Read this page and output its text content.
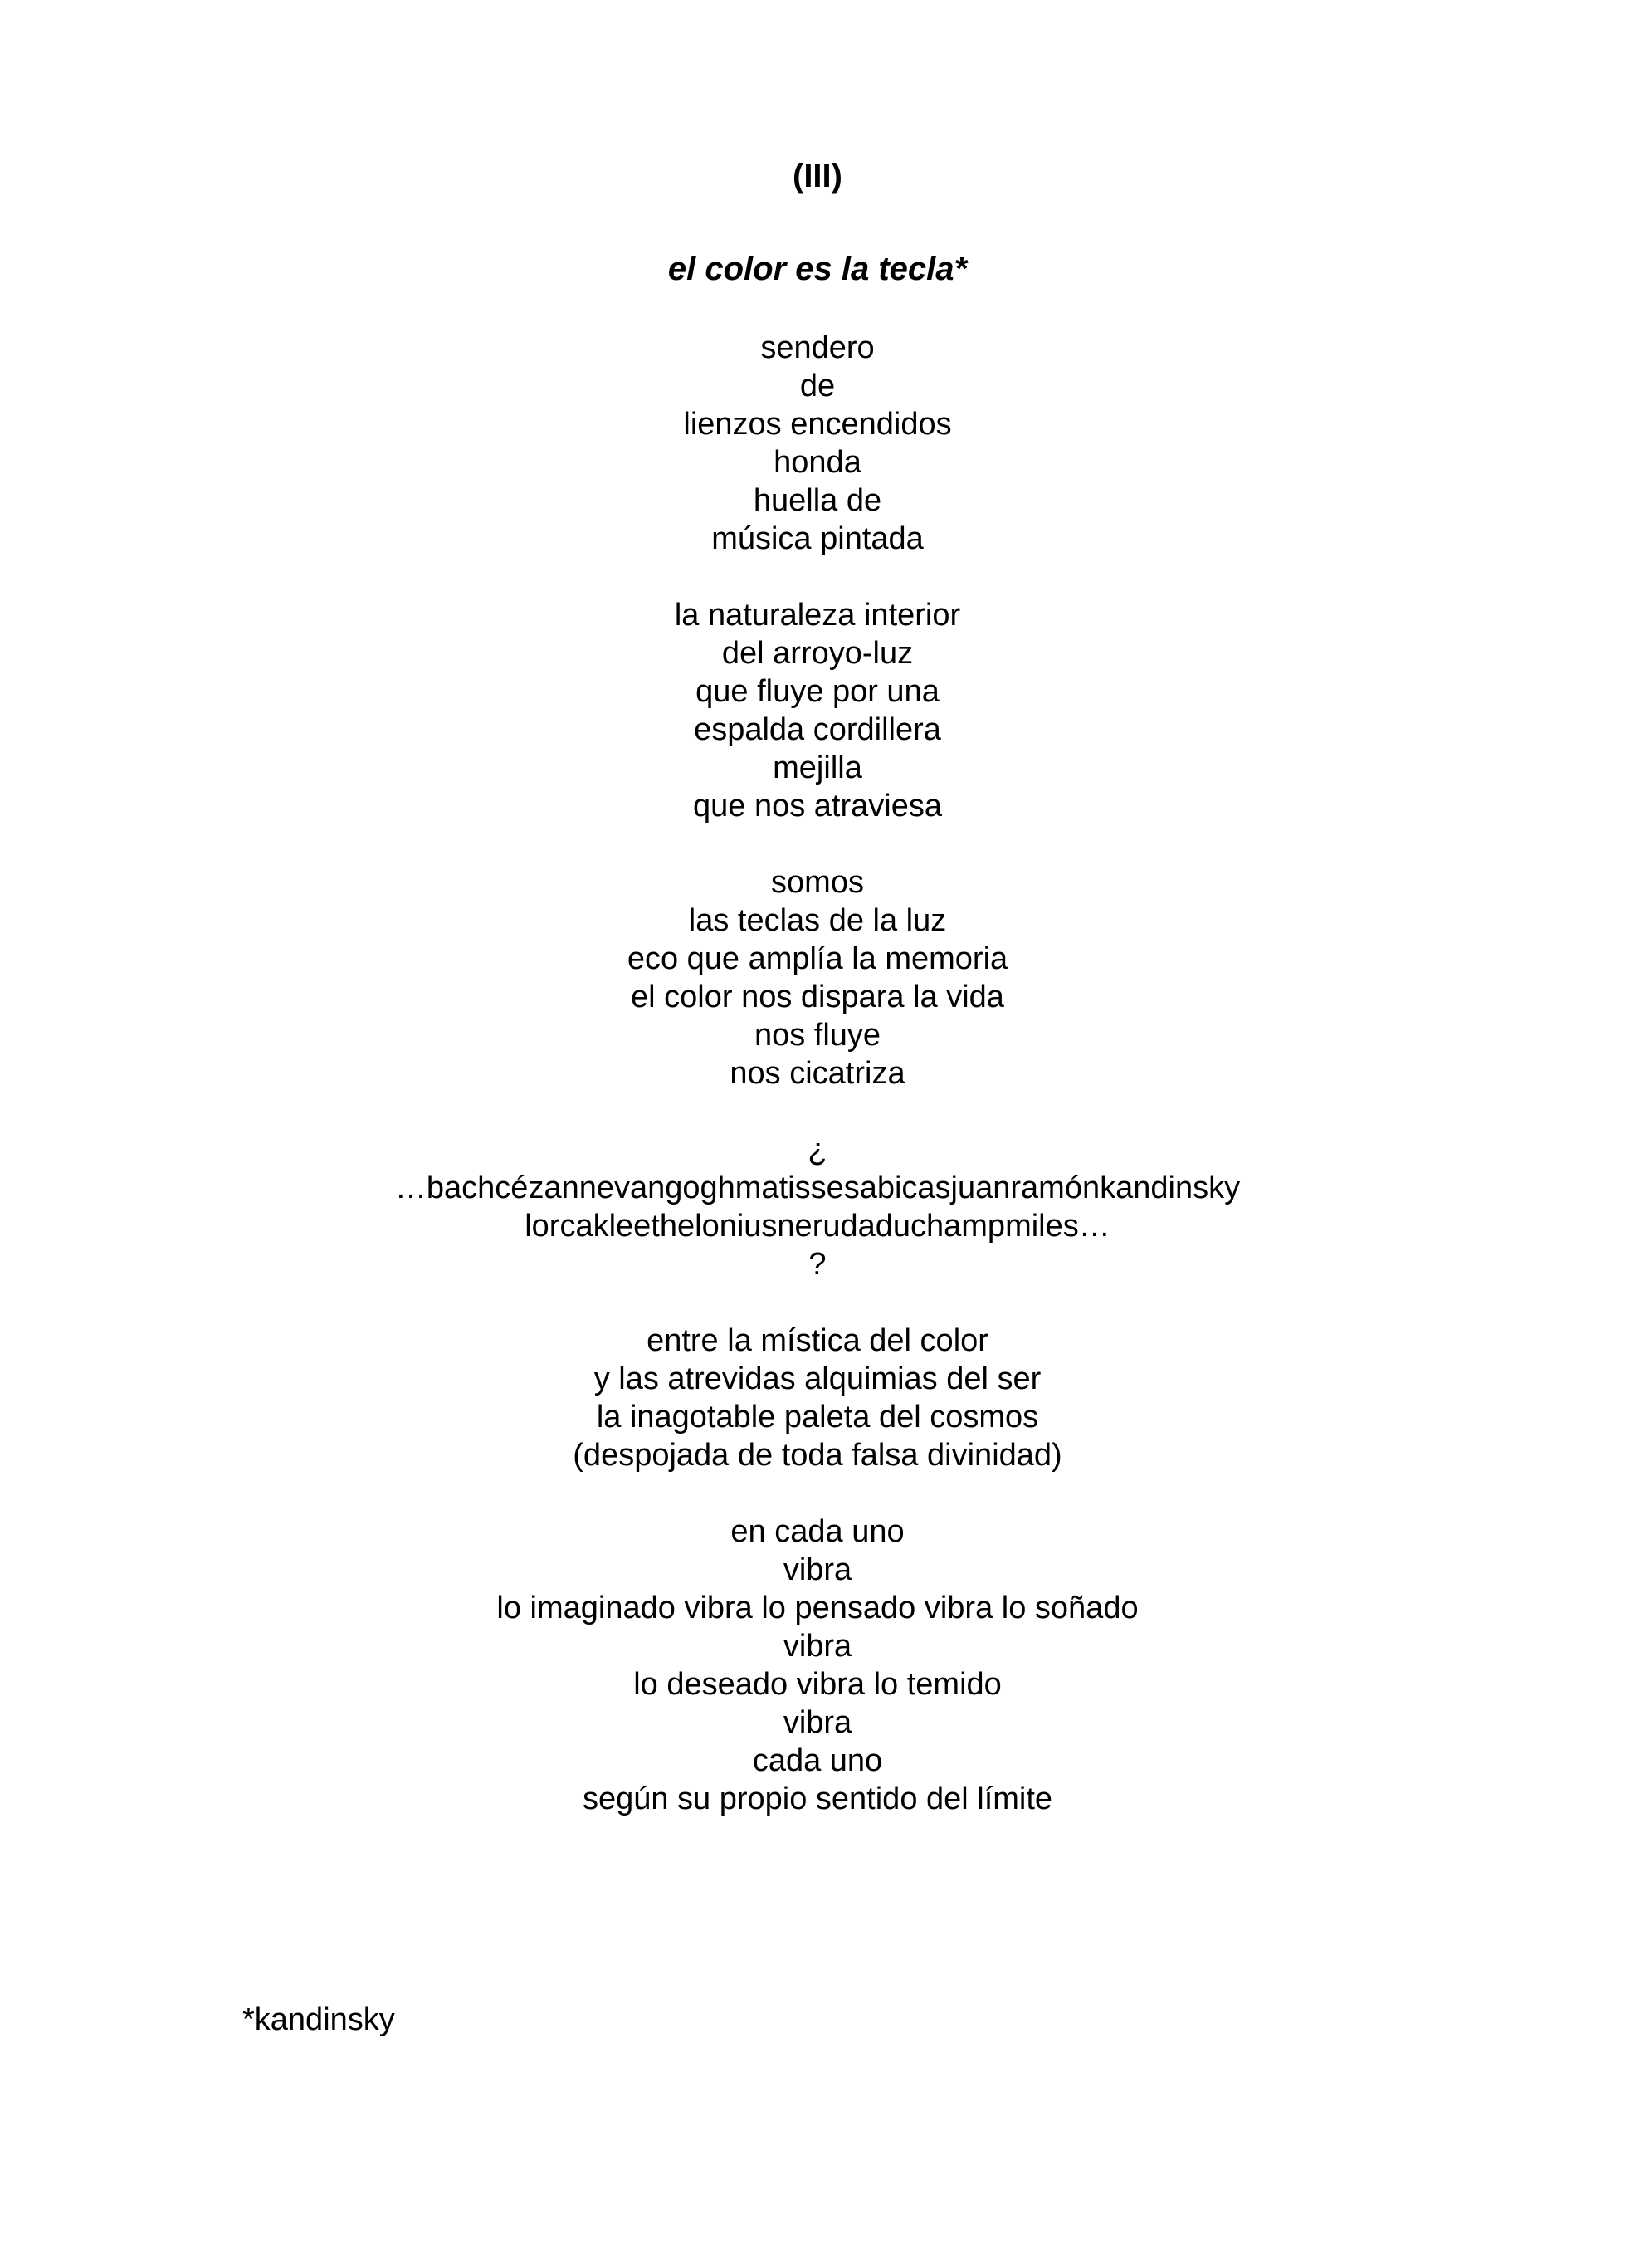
(III)

el color es la tecla*

sendero
de
lienzos encendidos
honda
huella de
música pintada
la naturaleza interior
del arroyo-luz
que fluye por una
espalda cordillera
mejilla
que nos atraviesa
somos
las teclas de la luz
eco que amplía la memoria
el color nos dispara la vida
nos fluye
nos cicatriza
¿
…bachcézannevangoghmatissesabicasjuanramónkandinsky
lorcakleetheloniusnerudaduchampmiles…
?
entre la mística del color
y las atrevidas alquimias del ser
la inagotable paleta del cosmos
(despojada de toda falsa divinidad)
en cada uno
vibra
lo imaginado vibra lo pensado vibra lo soñado
vibra
lo deseado vibra lo temido
vibra
cada uno
según su propio sentido del límite

*kandinsky
